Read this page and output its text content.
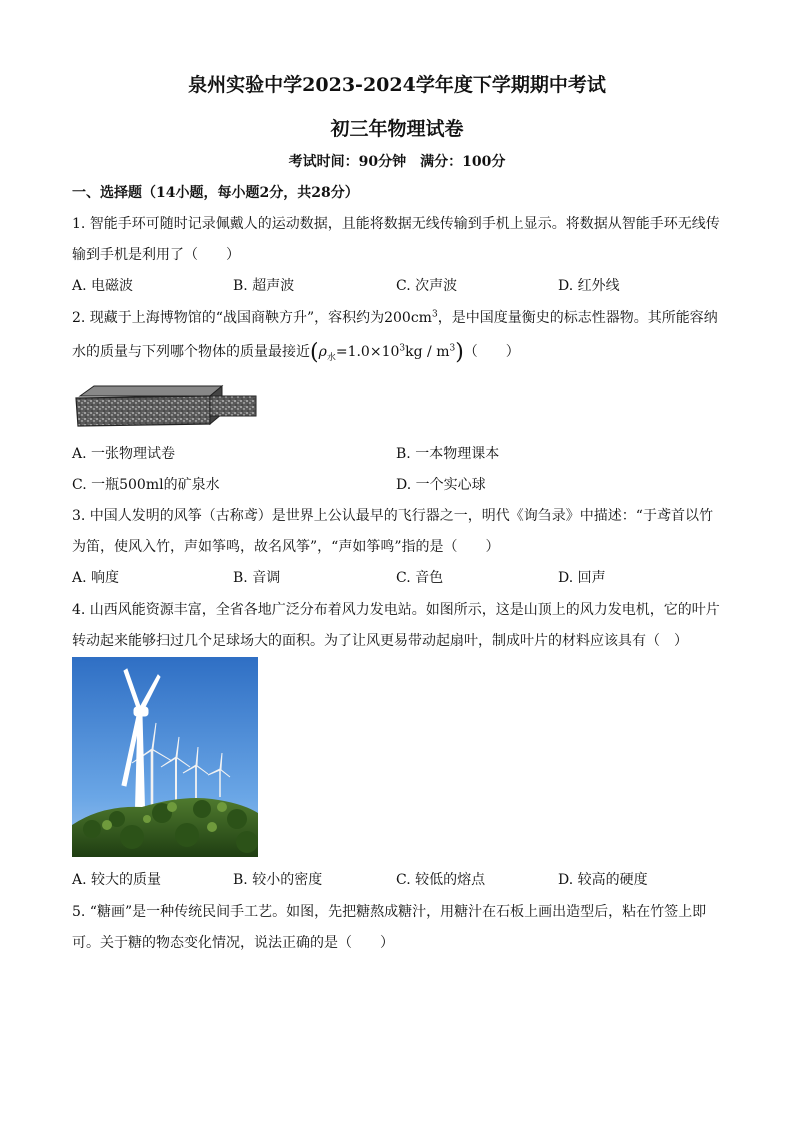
泉州实验中学2023-2024学年度下学期期中考试
初三年物理试卷
考试时间：90分钟　满分：100分
一、选择题（14小题，每小题2分，共28分）
1. 智能手环可随时记录佩戴人的运动数据，且能将数据无线传输到手机上显示。将数据从智能手环无线传
输到手机是利用了（　　）
A. 电磁波	B. 超声波	C. 次声波	D. 红外线
2. 现藏于上海博物馆的“战国商鞅方升”，容积约为$200cm^3$，是中国度量衡史的标志性器物。其所能容纳
水的质量与下列哪个物体的质量最接近$(\rho_水=1.0\times 10^3kg / m^3)$（　　）
A. 一张物理试卷	B. 一本物理课本
C. 一瓶500ml的矿泉水	D. 一个实心球
3. 中国人发明的风筝（古称鸢）是世界上公认最早的飞行器之一，明代《询刍录》中描述：“于鸢首以竹
为笛，使风入竹，声如筝鸣，故名风筝”，“声如筝鸣”指的是（　　）
A. 响度	B. 音调	C. 音色	D. 回声
4. 山西风能资源丰富，全省各地广泛分布着风力发电站。如图所示，这是山顶上的风力发电机，它的叶片
转动起来能够扫过几个足球场大的面积。为了让风更易带动起扇叶，制成叶片的材料应该具有（　）
A. 较大的质量	B. 较小的密度	C. 较低的熔点	D. 较高的硬度
5. “糖画”是一种传统民间手工艺。如图，先把糖熬成糖汁，用糖汁在石板上画出造型后，粘在竹签上即
可。关于糖的物态变化情况，说法正确的是（　　）
